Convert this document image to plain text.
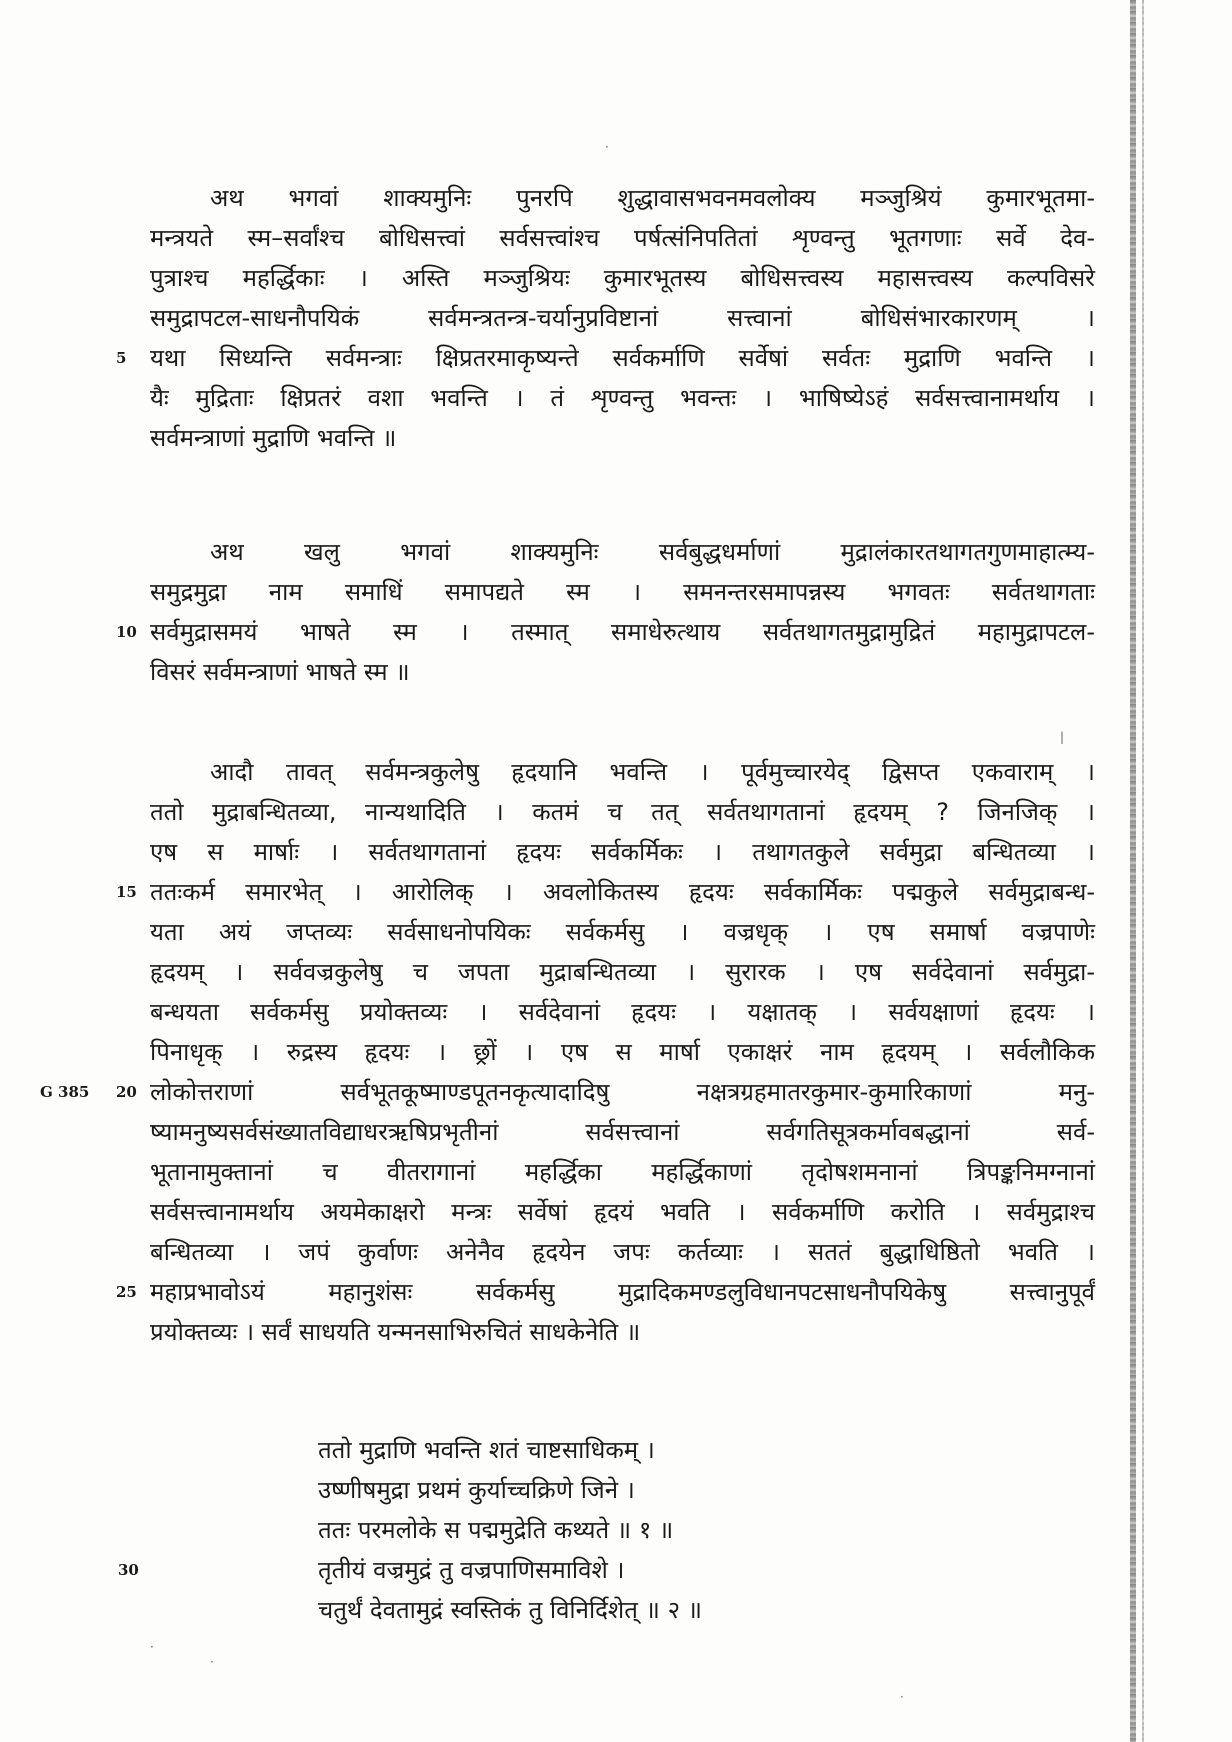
अथ भगवां शाक्यमुनिः पुनरपि शुद्धावासभवनमवलोक्य मञ्जुश्रियं कुमारभूतमा-
मन्त्रयते स्म–सर्वांश्च बोधिसत्त्वां सर्वसत्त्वांश्च पर्षत्संनिपतितां शृण्वन्तु भूतगणाः सर्वे देव-
पुत्राश्च महर्द्धिकाः । अस्ति मञ्जुश्रियः कुमारभूतस्य बोधिसत्त्वस्य महासत्त्वस्य कल्पविसरे
समुद्रापटल-साधनौपयिकं सर्वमन्त्रतन्त्र-चर्यानुप्रविष्टानां सत्त्वानां बोधिसंभारकारणम् ।
5 यथा सिध्यन्ति सर्वमन्त्राः क्षिप्रतरमाकृष्यन्ते सर्वकर्माणि सर्वेषां सर्वतः मुद्राणि भवन्ति ।
यैः मुद्रिताः क्षिप्रतरं वशा भवन्ति । तं शृण्वन्तु भवन्तः । भाषिष्येऽहं सर्वसत्त्वानामर्थाय ।
सर्वमन्त्राणां मुद्राणि भवन्ति ॥
अथ खलु भगवां शाक्यमुनिः सर्वबुद्धधर्माणां मुद्रालंकारतथागतगुणमाहात्म्य-
समुद्रमुद्रा नाम समाधिं समापद्यते स्म । समनन्तरसमापन्नस्य भगवतः सर्वतथागताः
10 सर्वमुद्रासमयं भाषते स्म । तस्मात् समाधेरुत्थाय सर्वतथागतमुद्रामुद्रितं महामुद्रापटल-
विसरं सर्वमन्त्राणां भाषते स्म ॥
आदौ तावत् सर्वमन्त्रकुलेषु हृदयानि भवन्ति । पूर्वमुच्चारयेद् द्विसप्त एकवाराम् ।
ततो मुद्राबन्धितव्या, नान्यथादिति । कतमं च तत् सर्वतथागतानां हृदयम् ? जिनजिक् ।
एष स मार्षाः । सर्वतथागतानां हृदयः सर्वकर्मिकः । तथागतकुले सर्वमुद्रा बन्धितव्या ।
15 ततःकर्म समारभेत् । आरोलिक् । अवलोकितस्य हृदयः सर्वकार्मिकः पद्मकुले सर्वमुद्राबन्ध-
यता अयं जप्तव्यः सर्वसाधनोपयिकः सर्वकर्मसु । वज्रधृक् । एष समार्षा वज्रपाणेः
हृदयम् । सर्ववज्रकुलेषु च जपता मुद्राबन्धितव्या । सुरारक । एष सर्वदेवानां सर्वमुद्रा-
बन्धयता सर्वकर्मसु प्रयोक्तव्यः । सर्वदेवानां हृदयः । यक्षातक् । सर्वयक्षाणां हृदयः ।
पिनाधृक् । रुद्रस्य हृदयः । छ्रों । एष स मार्षा एकाक्षरं नाम हृदयम् । सर्वलौकिक
G 385 20 लोकोत्तराणां सर्वभूतकूष्माण्डपूतनकृत्यादादिषु नक्षत्रग्रहमातरकुमार-कुमारिकाणां मनु-
ष्यामनुष्यसर्वसंख्यातविद्याधरऋषिप्रभृतीनां सर्वसत्त्वानां सर्वगतिसूत्रकर्मावबद्धानां सर्व-
भूतानामुक्तानां च वीतरागानां महर्द्धिका महर्द्धिकाणां तृदोषशमनानां त्रिपङ्कनिमग्नानां
सर्वसत्त्वानामर्थाय अयमेकाक्षरो मन्त्रः सर्वेषां हृदयं भवति । सर्वकर्माणि करोति । सर्वमुद्राश्च
बन्धितव्या । जपं कुर्वाणः अनेनैव हृदयेन जपः कर्तव्याः । सततं बुद्धाधिष्ठितो भवति ।
25 महाप्रभावोऽयं महानुशंसः सर्वकर्मसु मुद्रादिकमण्डलुविधानपटसाधनौपयिकेषु सत्त्वानुपूर्वं
प्रयोक्तव्यः । सर्वं साधयति यन्मनसाभिरुचितं साधकेनेति ॥
ततो मुद्राणि भवन्ति शतं चाष्टसाधिकम् ।
उष्णीषमुद्रा प्रथमं कुर्याच्चक्रिणे जिने ।
ततः परमलोके स पद्ममुद्रेति कथ्यते ॥ १ ॥
30	तृतीयं वज्रमुद्रं तु वज्रपाणिसमाविशे ।
चतुर्थं देवतामुद्रं स्वस्तिकं तु विनिर्दिशेत् ॥ २ ॥
·
·
·
|
·
